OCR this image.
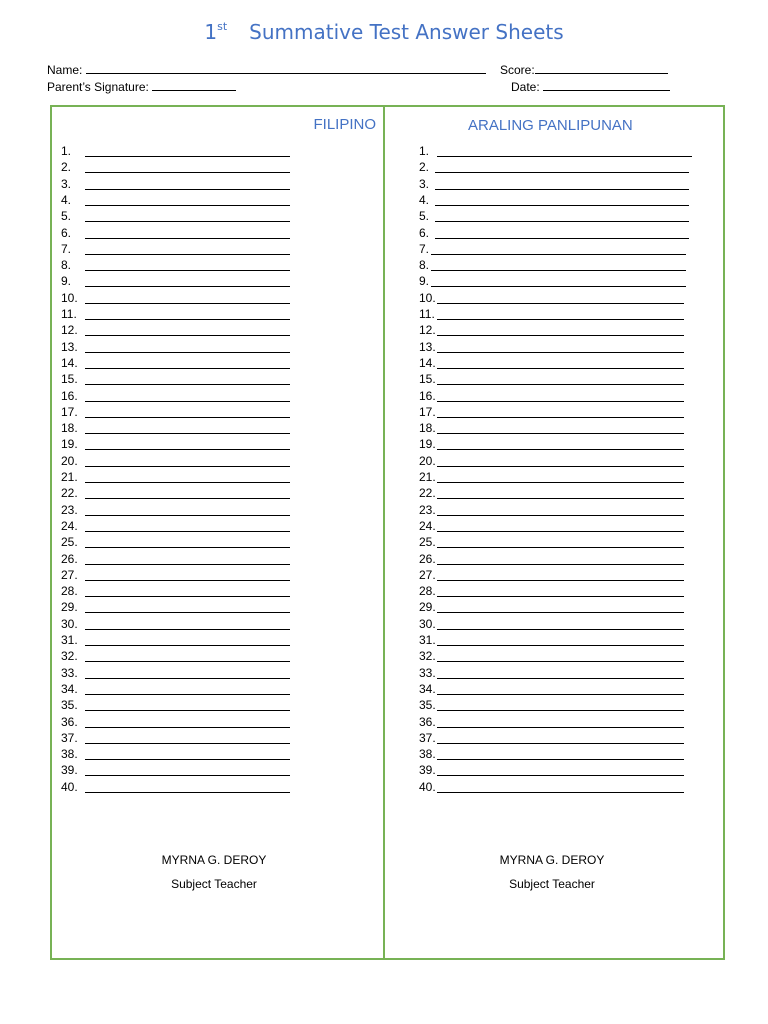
1st Summative Test Answer Sheets
Name:	Score:
Parent’s Signature:	Date:
FILIPINO	ARALING PANLIPUNAN
1.
2.
3.
4.
5.
6.
7.
8.
9.
10.
11.
12.
13.
14.
15.
16.
17.
18.
19.
20.
21.
22.
23.
24.
25.
26.
27.
28.
29.
30.
31.
32.
33.
34.
35.
36.
37.
38.
39.
40.
1.
2.
3.
4.
5.
6.
7.
8.
9.
10.
11.
12.
13.
14.
15.
16.
17.
18.
19.
20.
21.
22.
23.
24.
25.
26.
27.
28.
29.
30.
31.
32.
33.
34.
35.
36.
37.
38.
39.
40.
MYRNA G. DEROY
Subject Teacher
MYRNA G. DEROY
Subject Teacher
